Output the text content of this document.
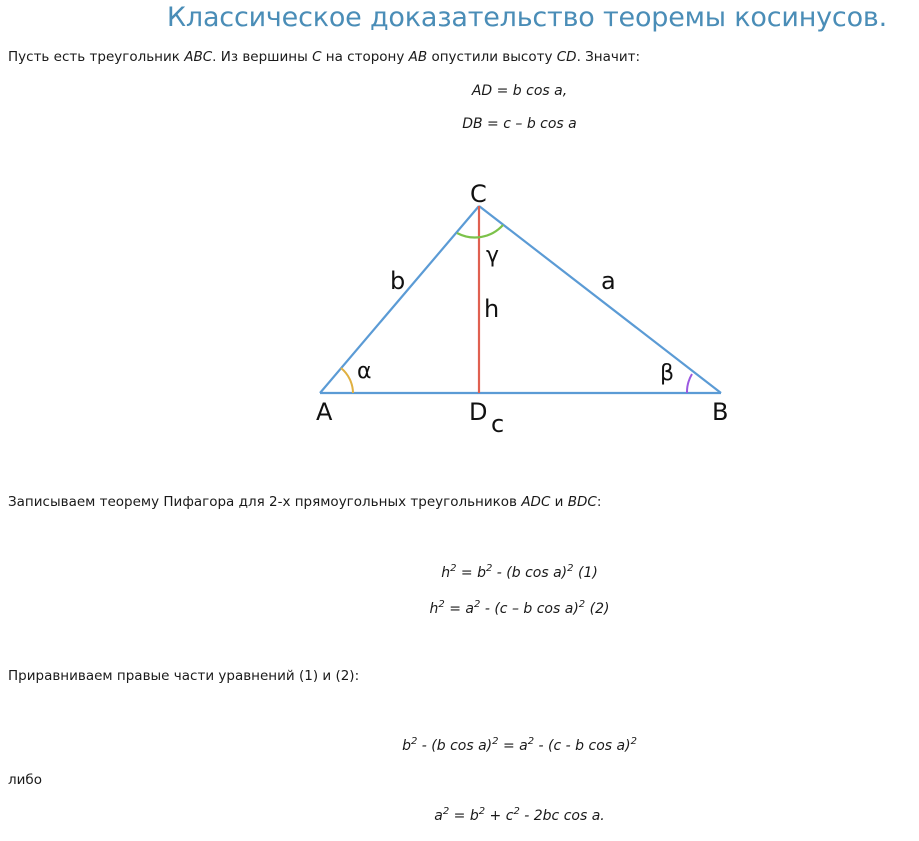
Классическое доказательство теоремы косинусов.
Пусть есть треугольник ABC. Из вершины C на сторону AB опустили высоту CD. Значит:
AD = b cos a,
DB = c – b cos a
C
A	B
D c
b	a
h
γ
α	β
Записываем теорему Пифагора для 2-х прямоугольных треугольников ADC и BDC:
$h^2 = b^2 - (b$ cos a)$^2$ (1)
$h^2 = a^2 - (c - b$ cos a)$^2$ (2)
Приравниваем правые части уравнений (1) и (2):
$b^2 - (b$ $\cos a)^2 = a^2 - (c - b$ cos a)$^2$
либо
$a^2 = b^2 + c^2 - 2bc$ cos a.
